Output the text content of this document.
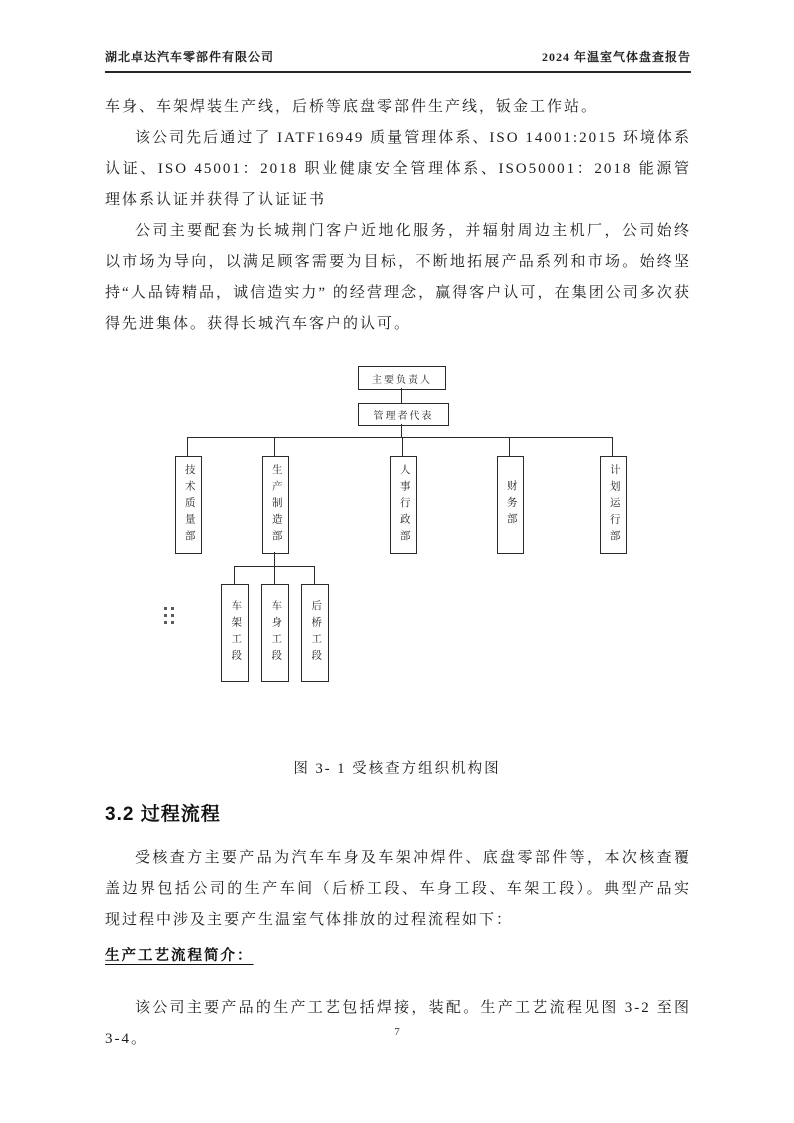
湖北卓达汽车零部件有限公司	2024 年温室气体盘查报告

车身、车架焊装生产线，后桥等底盘零部件生产线，钣金工作站。

该公司先后通过了 IATF16949 质量管理体系、ISO 14001:2015 环境体系认证、ISO 45001：2018 职业健康安全管理体系、ISO50001：2018 能源管理体系认证并获得了认证证书

公司主要配套为长城荆门客户近地化服务，并辐射周边主机厂，公司始终以市场为导向，以满足顾客需要为目标，不断地拓展产品系列和市场。始终坚持“人品铸精品，诚信造实力” 的经营理念，赢得客户认可，在集团公司多次获得先进集体。获得长城汽车客户的认可。

主要负责人
管理者代表
技术质量部	生产制造部	人事行政部	财务部	计划运行部
车架工段	车身工段	后桥工段
图 3- 1 受核查方组织机构图
3.2 过程流程

受核查方主要产品为汽车车身及车架冲焊件、底盘零部件等，本次核查覆盖边界包括公司的生产车间（后桥工段、车身工段、车架工段）。典型产品实现过程中涉及主要产生温室气体排放的过程流程如下：

生产工艺流程简介：

该公司主要产品的生产工艺包括焊接，装配。生产工艺流程见图 3-2 至图 3-4。	7
